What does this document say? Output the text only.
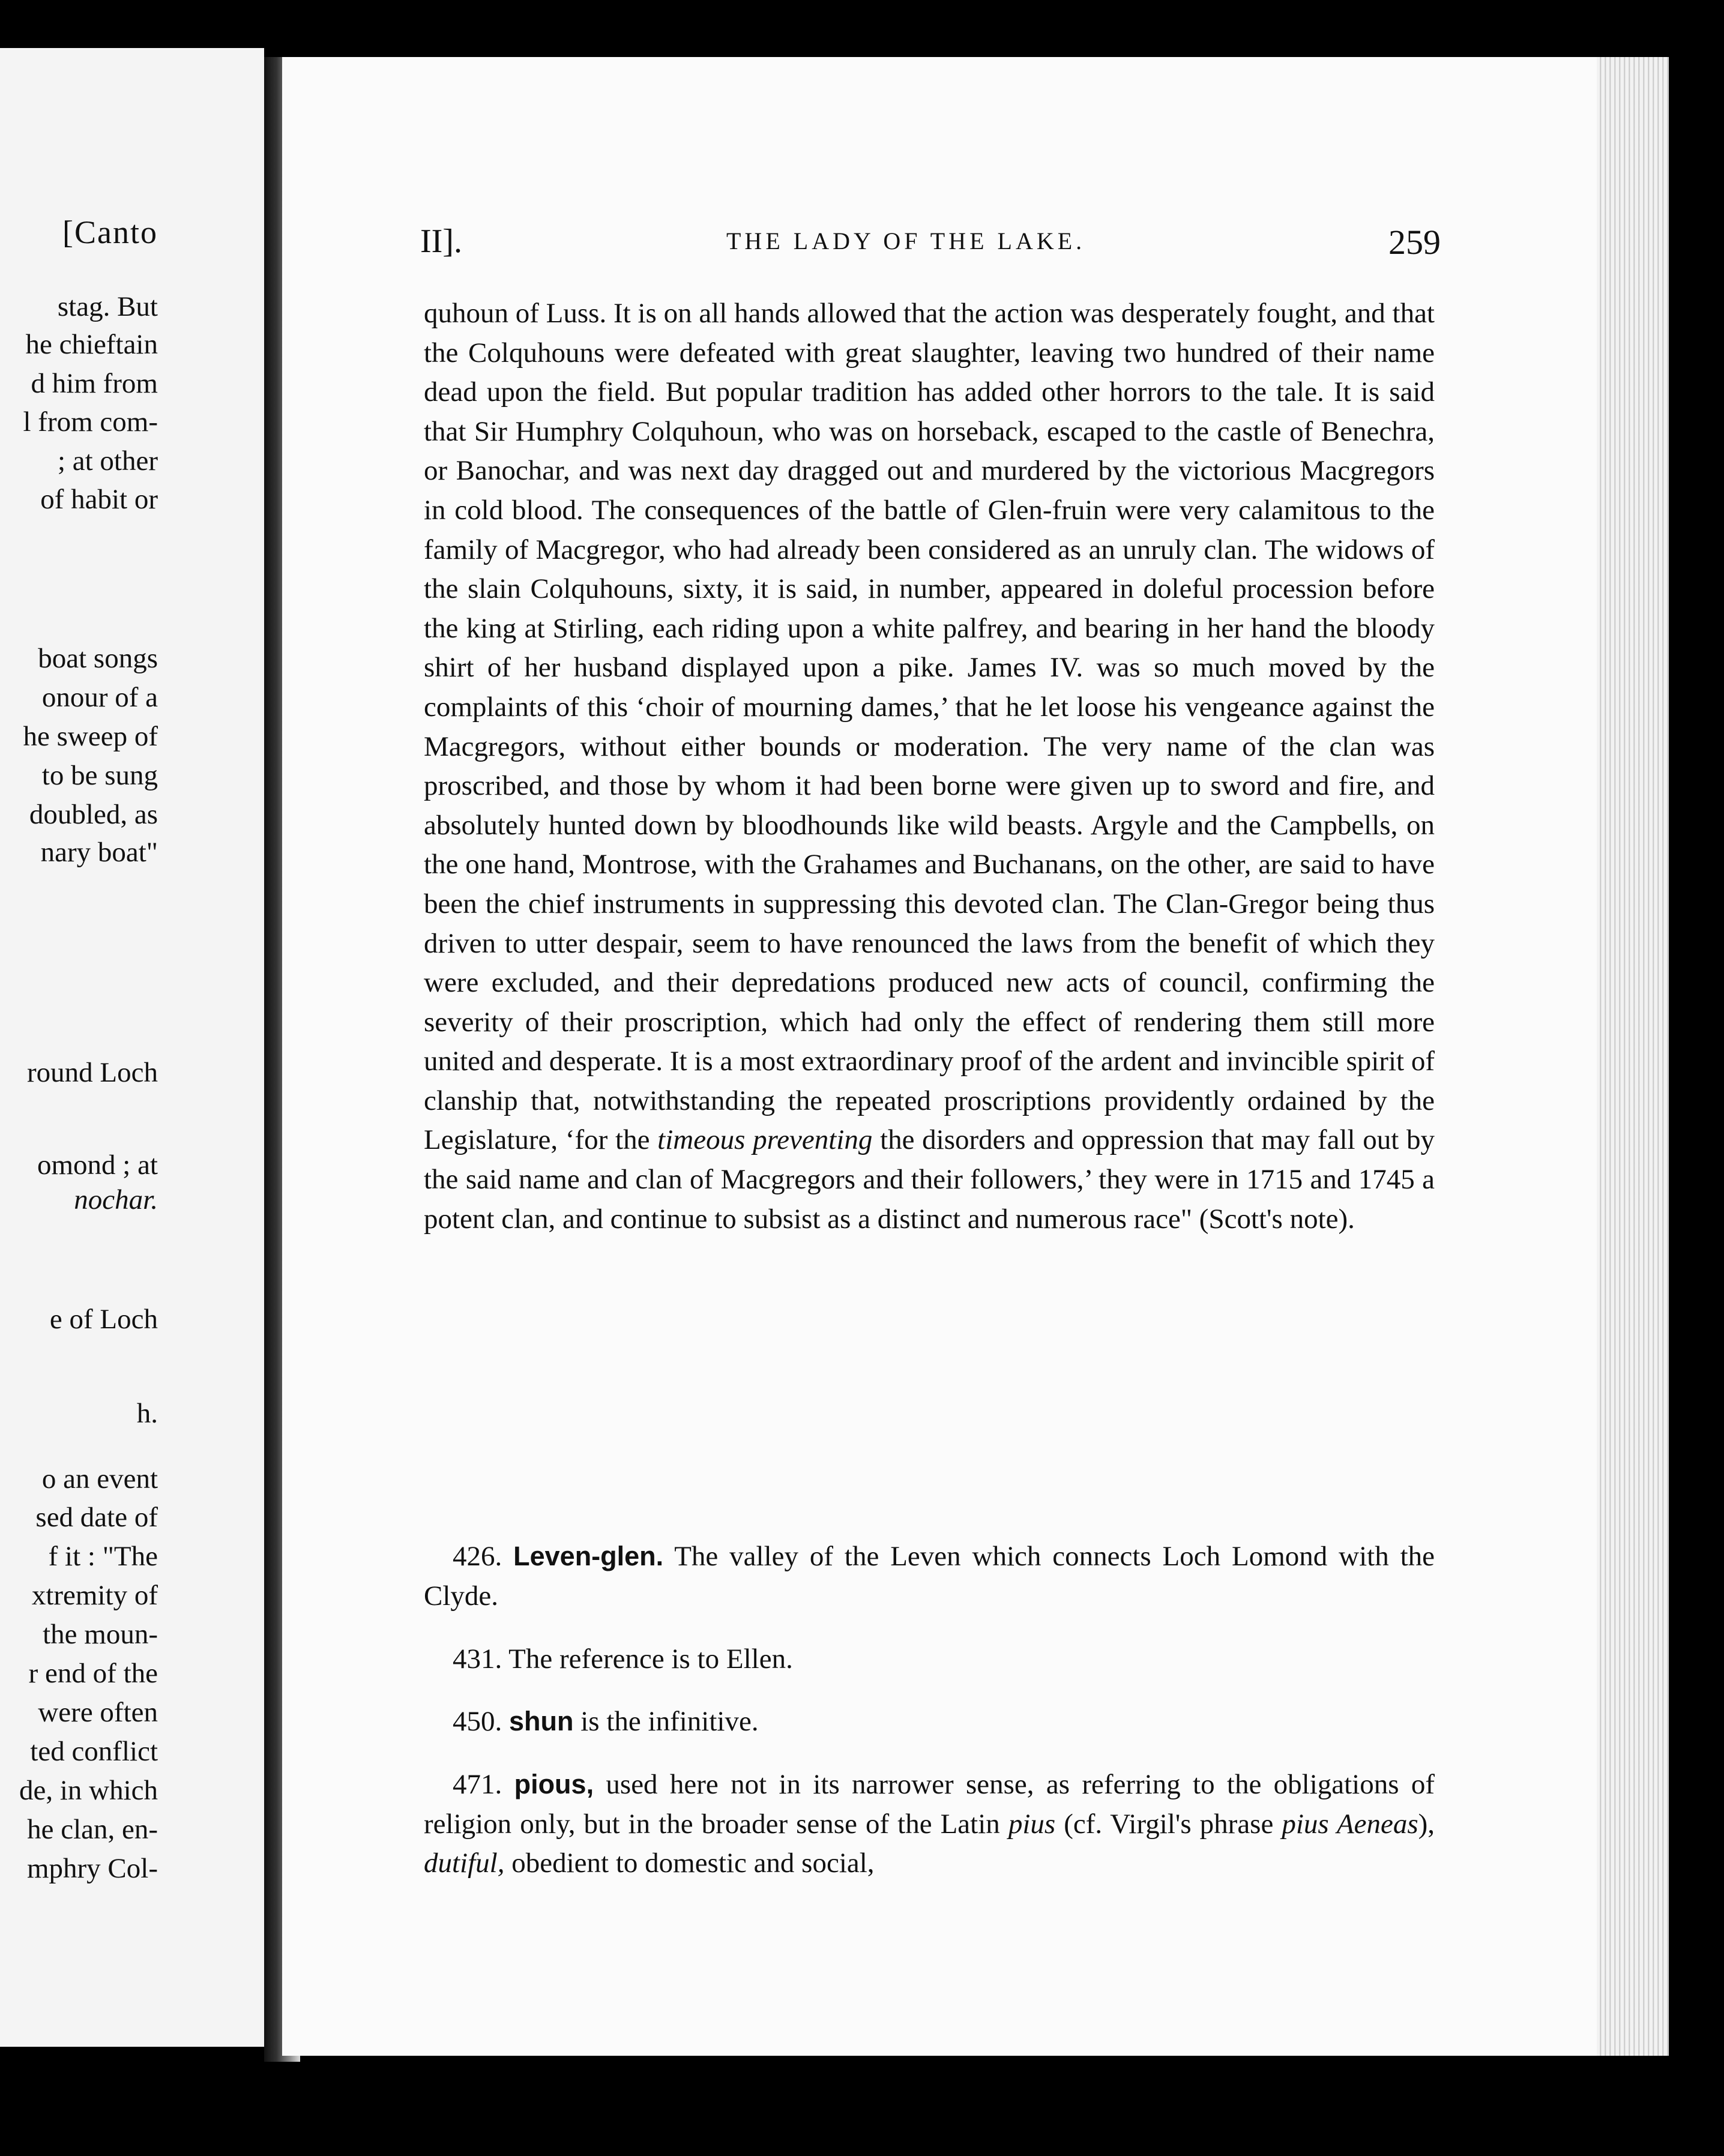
[Canto
stag. But
he chieftain
d him from
l from com-
; at other
of habit or
boat songs
onour of a
he sweep of
to be sung
doubled, as
nary boat"
round Loch
omond ; at
nochar.
e of Loch
h.
o an event
sed date of
f it : "The
xtremity of
the moun-
r end of the
were often
ted conflict
de, in which
he clan, en-
mphry Col-
II].	THE LADY OF THE LAKE.	259

quhoun of Luss. It is on all hands allowed that the action was desperately fought, and that the Colquhouns were defeated with great slaughter, leaving two hundred of their name dead upon the field. But popular tradition has added other horrors to the tale. It is said that Sir Humphry Colquhoun, who was on horseback, escaped to the castle of Benechra, or Banochar, and was next day dragged out and murdered by the victorious Macgregors in cold blood. The consequences of the battle of Glen-fruin were very calamitous to the family of Macgregor, who had already been considered as an unruly clan. The widows of the slain Colquhouns, sixty, it is said, in number, appeared in doleful procession before the king at Stirling, each riding upon a white palfrey, and bearing in her hand the bloody shirt of her husband displayed upon a pike. James IV. was so much moved by the complaints of this ‘choir of mourning dames,’ that he let loose his vengeance against the Macgregors, without either bounds or moderation. The very name of the clan was proscribed, and those by whom it had been borne were given up to sword and fire, and absolutely hunted down by bloodhounds like wild beasts. Argyle and the Campbells, on the one hand, Montrose, with the Grahames and Buchanans, on the other, are said to have been the chief instruments in suppressing this devoted clan. The Clan-Gregor being thus driven to utter despair, seem to have renounced the laws from the benefit of which they were excluded, and their depredations produced new acts of council, confirming the severity of their proscription, which had only the effect of rendering them still more united and desperate. It is a most extraordinary proof of the ardent and invincible spirit of clanship that, notwithstanding the repeated proscriptions providently ordained by the Legislature, ‘for the timeous preventing the disorders and oppression that may fall out by the said name and clan of Macgregors and their followers,’ they were in 1715 and 1745 a potent clan, and continue to subsist as a distinct and numerous race" (Scott's note).

426. Leven-glen. The valley of the Leven which connects Loch Lomond with the Clyde.
431. The reference is to Ellen.
450. shun is the infinitive.
471. pious, used here not in its narrower sense, as referring to the obligations of religion only, but in the broader sense of the Latin pius (cf. Virgil's phrase pius Aeneas), dutiful, obedient to domestic and social,
